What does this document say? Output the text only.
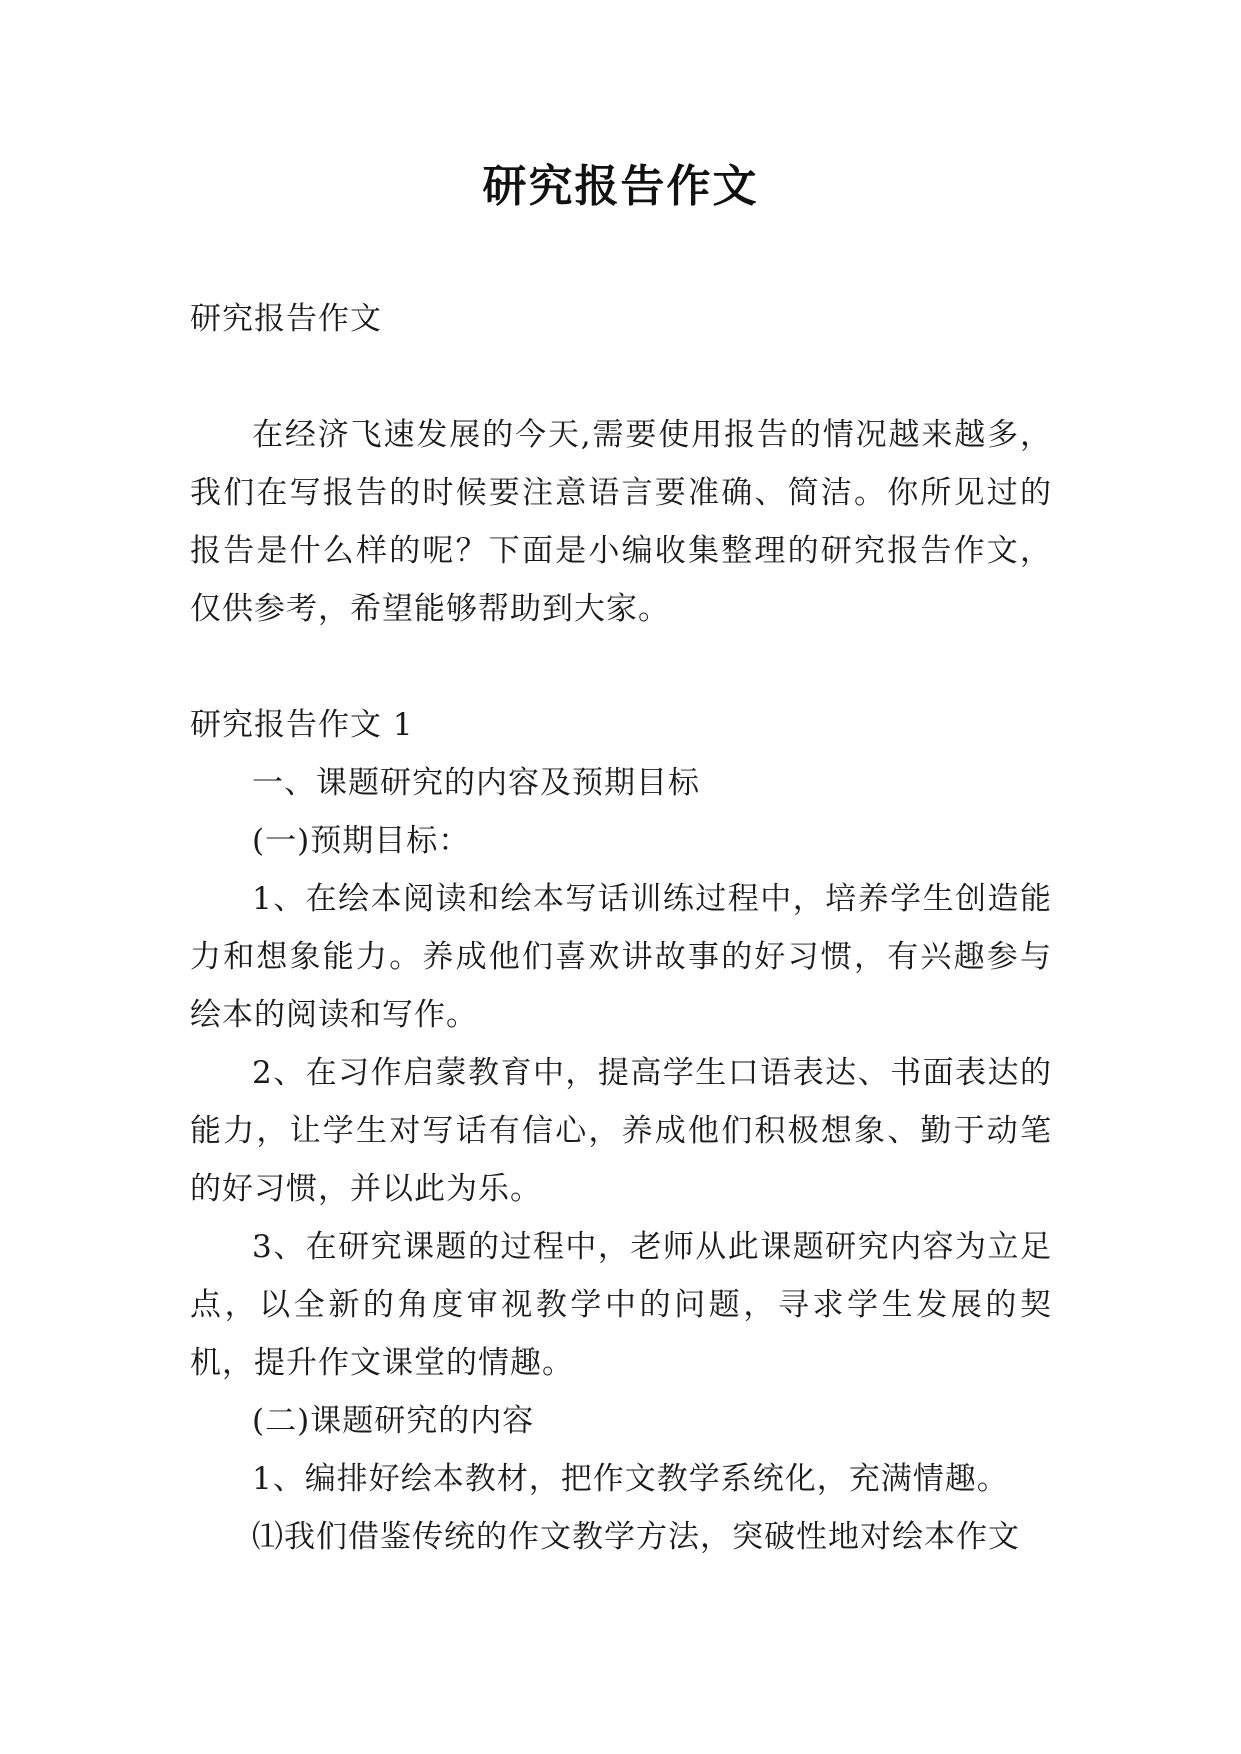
研究报告作文

研究报告作文

在经济飞速发展的今天,需要使用报告的情况越来越多，我们在写报告的时候要注意语言要准确、简洁。你所见过的报告是什么样的呢？下面是小编收集整理的研究报告作文，仅供参考，希望能够帮助到大家。

研究报告作文 1

一、课题研究的内容及预期目标

(一)预期目标：

1、在绘本阅读和绘本写话训练过程中，培养学生创造能力和想象能力。养成他们喜欢讲故事的好习惯，有兴趣参与绘本的阅读和写作。

2、在习作启蒙教育中，提高学生口语表达、书面表达的能力，让学生对写话有信心，养成他们积极想象、勤于动笔的好习惯，并以此为乐。

3、在研究课题的过程中，老师从此课题研究内容为立足点，以全新的角度审视教学中的问题，寻求学生发展的契机，提升作文课堂的情趣。

(二)课题研究的内容

1、编排好绘本教材，把作文教学系统化，充满情趣。

⑴我们借鉴传统的作文教学方法，突破性地对绘本作文
